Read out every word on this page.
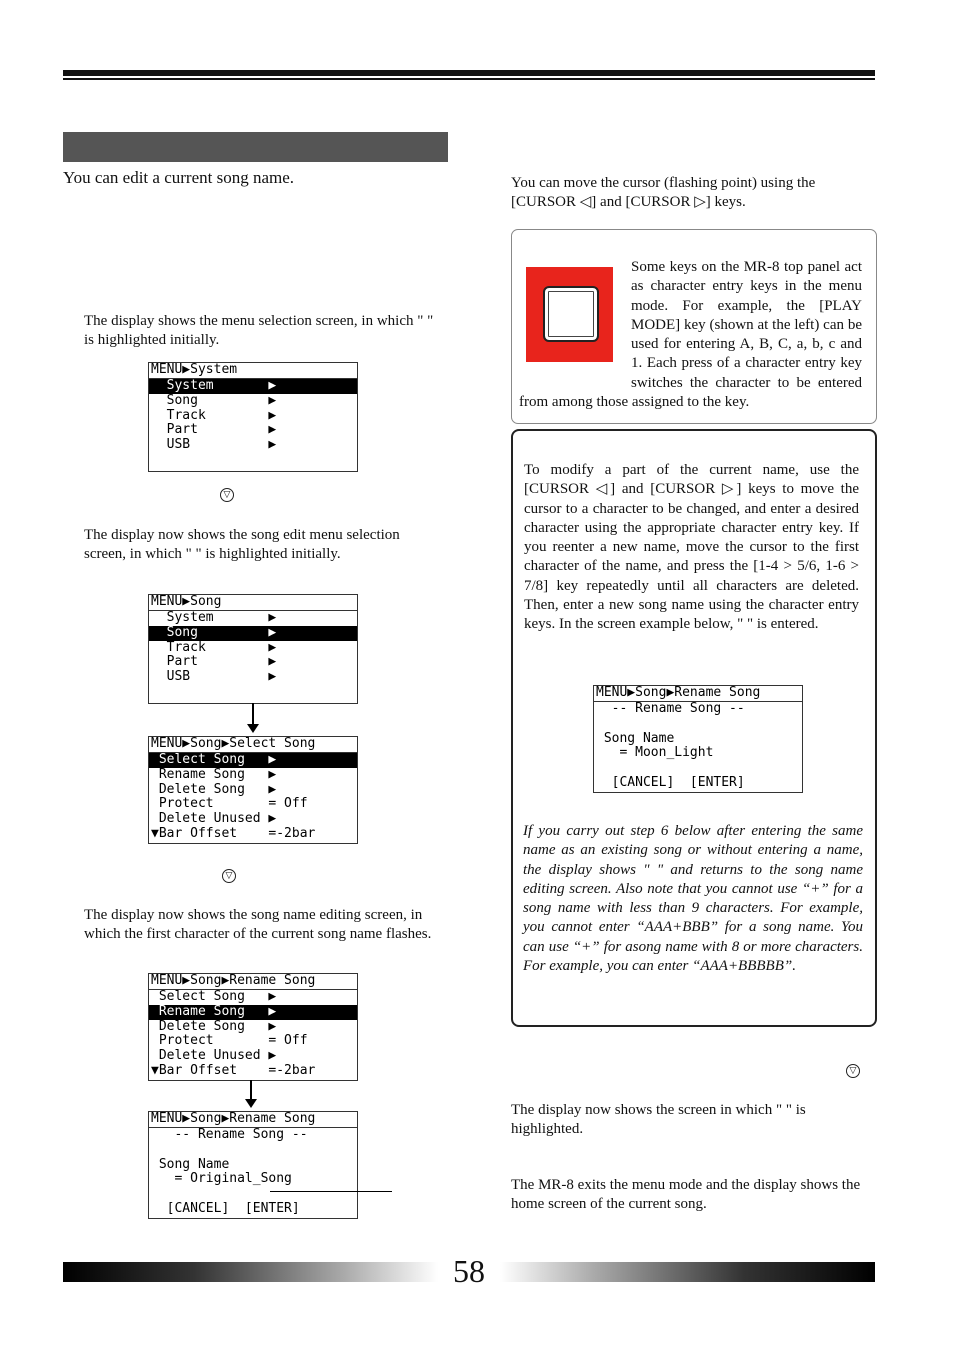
You can edit a current song name.
The display shows the menu selection screen, in which " " is highlighted initially.
MENU▶System
System       ▶
Song         ▶
Track        ▶
Part         ▶
USB          ▶
▽
The display now shows the song edit menu selection screen, in which " " is highlighted initially.
MENU▶Song
System       ▶
Song         ▶
Track        ▶
Part         ▶
USB          ▶
MENU▶Song▶Select Song
Select Song   ▶
Rename Song   ▶
Delete Song   ▶
Protect       = Off
Delete Unused ▶
▼Bar Offset    =-2bar
▽
The display now shows the song name editing screen, in which the first character of the current song name flashes.
MENU▶Song▶Rename Song
Select Song   ▶
Rename Song   ▶
Delete Song   ▶
Protect       = Off
Delete Unused ▶
▼Bar Offset    =-2bar
MENU▶Song▶Rename Song
-- Rename Song --
Song Name
= Original_Song
[CANCEL]  [ENTER]
You can move the cursor (flashing point) using the [CURSOR ◁] and [CURSOR ▷] keys.
Some keys on the MR-8 top panel act as character entry keys in the menu mode. For example, the [PLAY MODE] key (shown at the left) can be used for entering A, B, C, a, b, c and 1. Each press of a character entry key switches the character to be entered from among those assigned to the key.
To modify a part of the current name, use the [CURSOR ◁] and [CURSOR ▷] keys to move the cursor to a character to be changed, and enter a desired character using the appropriate character entry key. If you reenter a new name, move the cursor to the first character of the name, and press the [1-4 > 5/6, 1-6 > 7/8] key repeatedly until all characters are deleted. Then, enter a new song name using the character entry keys. In the screen example below, " " is entered.
MENU▶Song▶Rename Song
-- Rename Song --
Song Name
= Moon_Light
[CANCEL]  [ENTER]
If you carry out step 6 below after entering the same name as an existing song or without entering a name, the display shows " " and returns to the song name editing screen. Also note that you cannot use “+” for a song name with less than 9 characters. For example, you cannot enter “AAA+BBB” for a song name. You can use “+” for asong name with 8 or more characters. For example, you can enter “AAA+BBBBB”.
▽
The display now shows the screen in which " " is highlighted.
The MR-8 exits the menu mode and the display shows the home screen of the current song.
58
